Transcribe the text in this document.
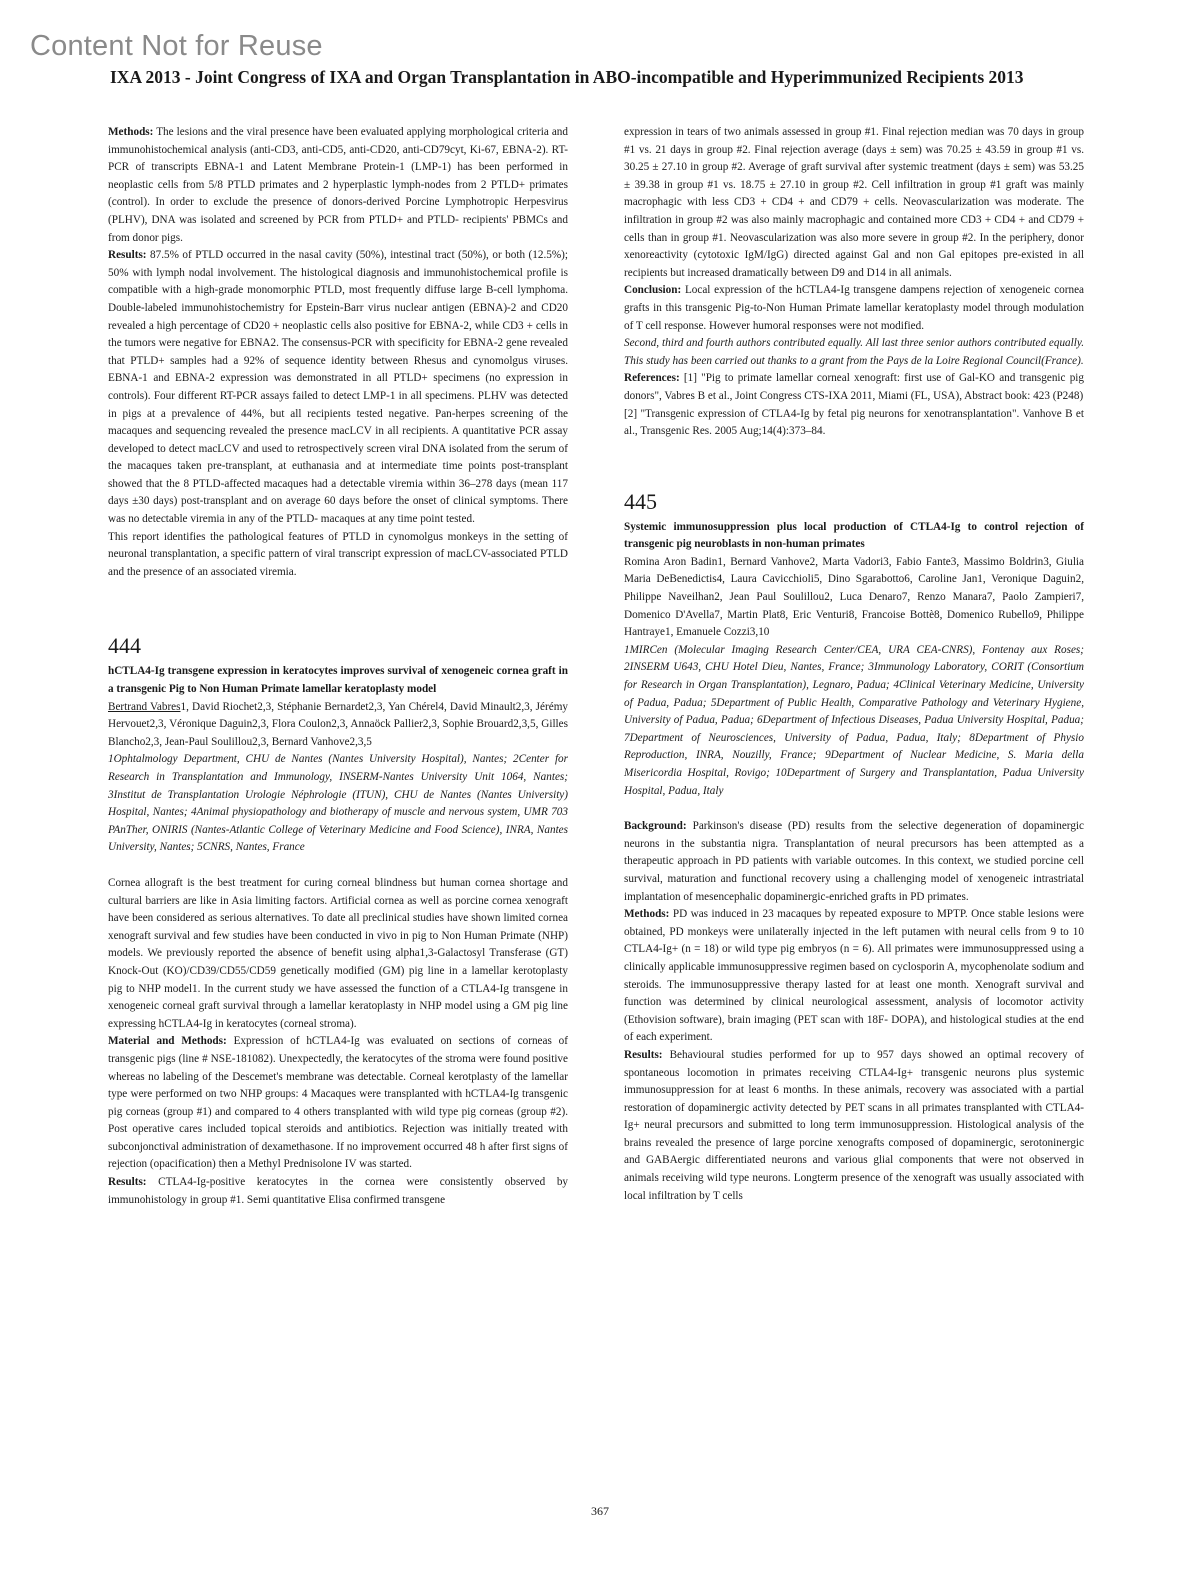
Content Not for Reuse
IXA 2013 - Joint Congress of IXA and Organ Transplantation in ABO-incompatible and Hyperimmunized Recipients 2013

Methods: The lesions and the viral presence have been evaluated applying morphological criteria and immunohistochemical analysis (anti-CD3, anti-CD5, anti-CD20, anti-CD79cyt, Ki-67, EBNA-2). RT-PCR of transcripts EBNA-1 and Latent Membrane Protein-1 (LMP-1) has been performed in neoplastic cells from 5/8 PTLD primates and 2 hyperplastic lymph-nodes from 2 PTLD+ primates (control). In order to exclude the presence of donors-derived Porcine Lymphotropic Herpesvirus (PLHV), DNA was isolated and screened by PCR from PTLD+ and PTLD- recipients' PBMCs and from donor pigs.

Results: 87.5% of PTLD occurred in the nasal cavity (50%), intestinal tract (50%), or both (12.5%); 50% with lymph nodal involvement. The histological diagnosis and immunohistochemical profile is compatible with a high-grade monomorphic PTLD, most frequently diffuse large B-cell lymphoma. Double-labeled immunohistochemistry for Epstein-Barr virus nuclear antigen (EBNA)-2 and CD20 revealed a high percentage of CD20 + neoplastic cells also positive for EBNA-2, while CD3 + cells in the tumors were negative for EBNA2. The consensus-PCR with specificity for EBNA-2 gene revealed that PTLD+ samples had a 92% of sequence identity between Rhesus and cynomolgus viruses. EBNA-1 and EBNA-2 expression was demonstrated in all PTLD+ specimens (no expression in controls). Four different RT-PCR assays failed to detect LMP-1 in all specimens. PLHV was detected in pigs at a prevalence of 44%, but all recipients tested negative. Pan-herpes screening of the macaques and sequencing revealed the presence macLCV in all recipients. A quantitative PCR assay developed to detect macLCV and used to retrospectively screen viral DNA isolated from the serum of the macaques taken pre-transplant, at euthanasia and at intermediate time points post-transplant showed that the 8 PTLD-affected macaques had a detectable viremia within 36–278 days (mean 117 days ±30 days) post-transplant and on average 60 days before the onset of clinical symptoms. There was no detectable viremia in any of the PTLD- macaques at any time point tested.

This report identifies the pathological features of PTLD in cynomolgus monkeys in the setting of neuronal transplantation, a specific pattern of viral transcript expression of macLCV-associated PTLD and the presence of an associated viremia.

444

hCTLA4-Ig transgene expression in keratocytes improves survival of xenogeneic cornea graft in a transgenic Pig to Non Human Primate lamellar keratoplasty model

Bertrand Vabres1, David Riochet2,3, Stéphanie Bernardet2,3, Yan Chérel4, David Minault2,3, Jérémy Hervouet2,3, Véronique Daguin2,3, Flora Coulon2,3, Annaöck Pallier2,3, Sophie Brouard2,3,5, Gilles Blancho2,3, Jean-Paul Soulillou2,3, Bernard Vanhove2,3,5

1Ophtalmology Department, CHU de Nantes (Nantes University Hospital), Nantes; 2Center for Research in Transplantation and Immunology, INSERM-Nantes University Unit 1064, Nantes; 3Institut de Transplantation Urologie Néphrologie (ITUN), CHU de Nantes (Nantes University) Hospital, Nantes; 4Animal physiopathology and biotherapy of muscle and nervous system, UMR 703 PAnTher, ONIRIS (Nantes-Atlantic College of Veterinary Medicine and Food Science), INRA, Nantes University, Nantes; 5CNRS, Nantes, France

Cornea allograft is the best treatment for curing corneal blindness but human cornea shortage and cultural barriers are like in Asia limiting factors. Artificial cornea as well as porcine cornea xenograft have been considered as serious alternatives. To date all preclinical studies have shown limited cornea xenograft survival and few studies have been conducted in vivo in pig to Non Human Primate (NHP) models. We previously reported the absence of benefit using alpha1,3-Galactosyl Transferase (GT) Knock-Out (KO)/CD39/CD55/CD59 genetically modified (GM) pig line in a lamellar kerotoplasty pig to NHP model1. In the current study we have assessed the function of a CTLA4-Ig transgene in xenogeneic corneal graft survival through a lamellar keratoplasty in NHP model using a GM pig line expressing hCTLA4-Ig in keratocytes (corneal stroma).

Material and Methods: Expression of hCTLA4-Ig was evaluated on sections of corneas of transgenic pigs (line # NSE-181082). Unexpectedly, the keratocytes of the stroma were found positive whereas no labeling of the Descemet's membrane was detectable. Corneal kerotplasty of the lamellar type were performed on two NHP groups: 4 Macaques were transplanted with hCTLA4-Ig transgenic pig corneas (group #1) and compared to 4 others transplanted with wild type pig corneas (group #2). Post operative cares included topical steroids and antibiotics. Rejection was initially treated with subconjonctival administration of dexamethasone. If no improvement occurred 48 h after first signs of rejection (opacification) then a Methyl Prednisolone IV was started.

Results: CTLA4-Ig-positive keratocytes in the cornea were consistently observed by immunohistology in group #1. Semi quantitative Elisa confirmed transgene

expression in tears of two animals assessed in group #1. Final rejection median was 70 days in group #1 vs. 21 days in group #2. Final rejection average (days ± sem) was 70.25 ± 43.59 in group #1 vs. 30.25 ± 27.10 in group #2. Average of graft survival after systemic treatment (days ± sem) was 53.25 ± 39.38 in group #1 vs. 18.75 ± 27.10 in group #2. Cell infiltration in group #1 graft was mainly macrophagic with less CD3 + CD4 + and CD79 + cells. Neovascularization was moderate. The infiltration in group #2 was also mainly macrophagic and contained more CD3 + CD4 + and CD79 + cells than in group #1. Neovascularization was also more severe in group #2. In the periphery, donor xenoreactivity (cytotoxic IgM/IgG) directed against Gal and non Gal epitopes pre-existed in all recipients but increased dramatically between D9 and D14 in all animals.

Conclusion: Local expression of the hCTLA4-Ig transgene dampens rejection of xenogeneic cornea grafts in this transgenic Pig-to-Non Human Primate lamellar keratoplasty model through modulation of T cell response. However humoral responses were not modified.

Second, third and fourth authors contributed equally. All last three senior authors contributed equally. This study has been carried out thanks to a grant from the Pays de la Loire Regional Council(France).

References: [1] "Pig to primate lamellar corneal xenograft: first use of Gal-KO and transgenic pig donors", Vabres B et al., Joint Congress CTS-IXA 2011, Miami (FL, USA), Abstract book: 423 (P248)

[2] "Transgenic expression of CTLA4-Ig by fetal pig neurons for xenotransplantation". Vanhove B et al., Transgenic Res. 2005 Aug;14(4):373–84.

445

Systemic immunosuppression plus local production of CTLA4-Ig to control rejection of transgenic pig neuroblasts in non-human primates

Romina Aron Badin1, Bernard Vanhove2, Marta Vadori3, Fabio Fante3, Massimo Boldrin3, Giulia Maria DeBenedictis4, Laura Cavicchioli5, Dino Sgarabotto6, Caroline Jan1, Veronique Daguin2, Philippe Naveilhan2, Jean Paul Soulillou2, Luca Denaro7, Renzo Manara7, Paolo Zampieri7, Domenico D'Avella7, Martin Plat8, Eric Venturi8, Francoise Bottè8, Domenico Rubello9, Philippe Hantraye1, Emanuele Cozzi3,10

1MIRCen (Molecular Imaging Research Center/CEA, URA CEA-CNRS), Fontenay aux Roses; 2INSERM U643, CHU Hotel Dieu, Nantes, France; 3Immunology Laboratory, CORIT (Consortium for Research in Organ Transplantation), Legnaro, Padua; 4Clinical Veterinary Medicine, University of Padua, Padua; 5Department of Public Health, Comparative Pathology and Veterinary Hygiene, University of Padua, Padua; 6Department of Infectious Diseases, Padua University Hospital, Padua; 7Department of Neurosciences, University of Padua, Padua, Italy; 8Department of Physio Reproduction, INRA, Nouzilly, France; 9Department of Nuclear Medicine, S. Maria della Misericordia Hospital, Rovigo; 10Department of Surgery and Transplantation, Padua University Hospital, Padua, Italy

Background: Parkinson's disease (PD) results from the selective degeneration of dopaminergic neurons in the substantia nigra. Transplantation of neural precursors has been attempted as a therapeutic approach in PD patients with variable outcomes. In this context, we studied porcine cell survival, maturation and functional recovery using a challenging model of xenogeneic intrastriatal implantation of mesencephalic dopaminergic-enriched grafts in PD primates.

Methods: PD was induced in 23 macaques by repeated exposure to MPTP. Once stable lesions were obtained, PD monkeys were unilaterally injected in the left putamen with neural cells from 9 to 10 CTLA4-Ig+ (n = 18) or wild type pig embryos (n = 6). All primates were immunosuppressed using a clinically applicable immunosuppressive regimen based on cyclosporin A, mycophenolate sodium and steroids. The immunosuppressive therapy lasted for at least one month. Xenograft survival and function was determined by clinical neurological assessment, analysis of locomotor activity (Ethovision software), brain imaging (PET scan with 18F- DOPA), and histological studies at the end of each experiment.

Results: Behavioural studies performed for up to 957 days showed an optimal recovery of spontaneous locomotion in primates receiving CTLA4-Ig+ transgenic neurons plus systemic immunosuppression for at least 6 months. In these animals, recovery was associated with a partial restoration of dopaminergic activity detected by PET scans in all primates transplanted with CTLA4-Ig+ neural precursors and submitted to long term immunosuppression. Histological analysis of the brains revealed the presence of large porcine xenografts composed of dopaminergic, serotoninergic and GABAergic differentiated neurons and various glial components that were not observed in animals receiving wild type neurons. Longterm presence of the xenograft was usually associated with local infiltration by T cells

367
